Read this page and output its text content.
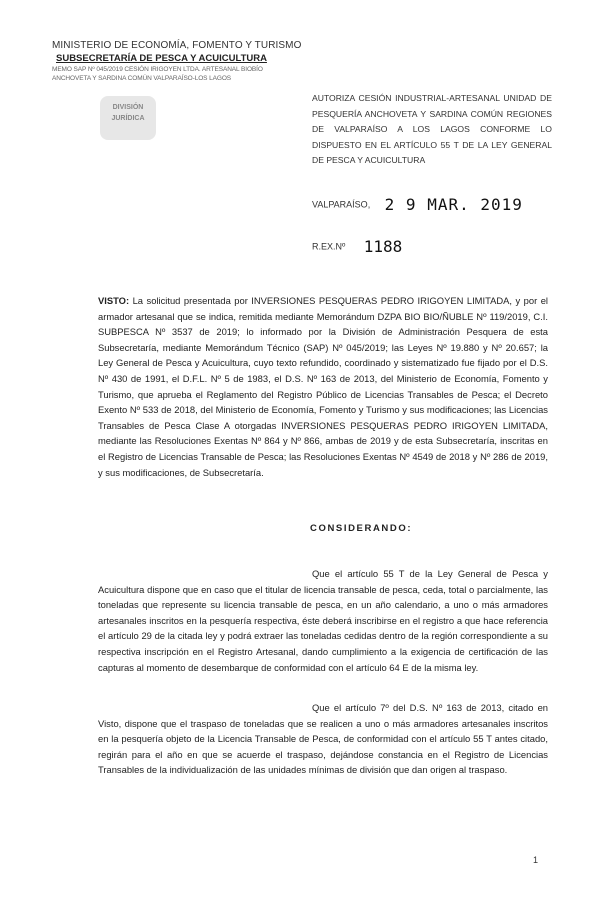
MINISTERIO DE ECONOMÍA, FOMENTO Y TURISMO
SUBSECRETARÍA DE PESCA Y ACUICULTURA
MEMO SAP Nº 045/2019 CESIÓN IRIGOYEN LTDA. ARTESANAL BIOBÍO
ANCHOVETA Y SARDINA COMÚN VALPARAÍSO-LOS LAGOS
DIVISIÓN JURÍDICA
AUTORIZA CESIÓN INDUSTRIAL-ARTESANAL UNIDAD DE PESQUERÍA ANCHOVETA Y SARDINA COMÚN REGIONES DE VALPARAÍSO A LOS LAGOS CONFORME LO DISPUESTO EN EL ARTÍCULO 55 T DE LA LEY GENERAL DE PESCA Y ACUICULTURA
VALPARAÍSO, 2 9 MAR. 2019
R.EX.Nº 1188
VISTO: La solicitud presentada por INVERSIONES PESQUERAS PEDRO IRIGOYEN LIMITADA, y por el armador artesanal que se indica, remitida mediante Memorándum DZPA BIO BIO/ÑUBLE Nº 119/2019, C.I. SUBPESCA Nº 3537 de 2019; lo informado por la División de Administración Pesquera de esta Subsecretaría, mediante Memorándum Técnico (SAP) Nº 045/2019; las Leyes Nº 19.880 y Nº 20.657; la Ley General de Pesca y Acuicultura, cuyo texto refundido, coordinado y sistematizado fue fijado por el D.S. Nº 430 de 1991, el D.F.L. Nº 5 de 1983, el D.S. Nº 163 de 2013, del Ministerio de Economía, Fomento y Turismo, que aprueba el Reglamento del Registro Público de Licencias Transables de Pesca; el Decreto Exento Nº 533 de 2018, del Ministerio de Economía, Fomento y Turismo y sus modificaciones; las Licencias Transables de Pesca Clase A otorgadas INVERSIONES PESQUERAS PEDRO IRIGOYEN LIMITADA, mediante las Resoluciones Exentas Nº 864 y Nº 866, ambas de 2019 y de esta Subsecretaría, inscritas en el Registro de Licencias Transable de Pesca; las Resoluciones Exentas Nº 4549 de 2018 y Nº 286 de 2019, y sus modificaciones, de Subsecretaría.
CONSIDERANDO:
Que el artículo 55 T de la Ley General de Pesca y Acuicultura dispone que en caso que el titular de licencia transable de pesca, ceda, total o parcialmente, las toneladas que represente su licencia transable de pesca, en un año calendario, a uno o más armadores artesanales inscritos en la pesquería respectiva, éste deberá inscribirse en el registro a que hace referencia el artículo 29 de la citada ley y podrá extraer las toneladas cedidas dentro de la región correspondiente a su respectiva inscripción en el Registro Artesanal, dando cumplimiento a la exigencia de certificación de las capturas al momento de desembarque de conformidad con el artículo 64 E de la misma ley.
Que el artículo 7º del D.S. Nº 163 de 2013, citado en Visto, dispone que el traspaso de toneladas que se realicen a uno o más armadores artesanales inscritos en la pesquería objeto de la Licencia Transable de Pesca, de conformidad con el artículo 55 T antes citado, regirán para el año en que se acuerde el traspaso, dejándose constancia en el Registro de Licencias Transables de la individualización de las unidades mínimas de división que dan origen al traspaso.
1
